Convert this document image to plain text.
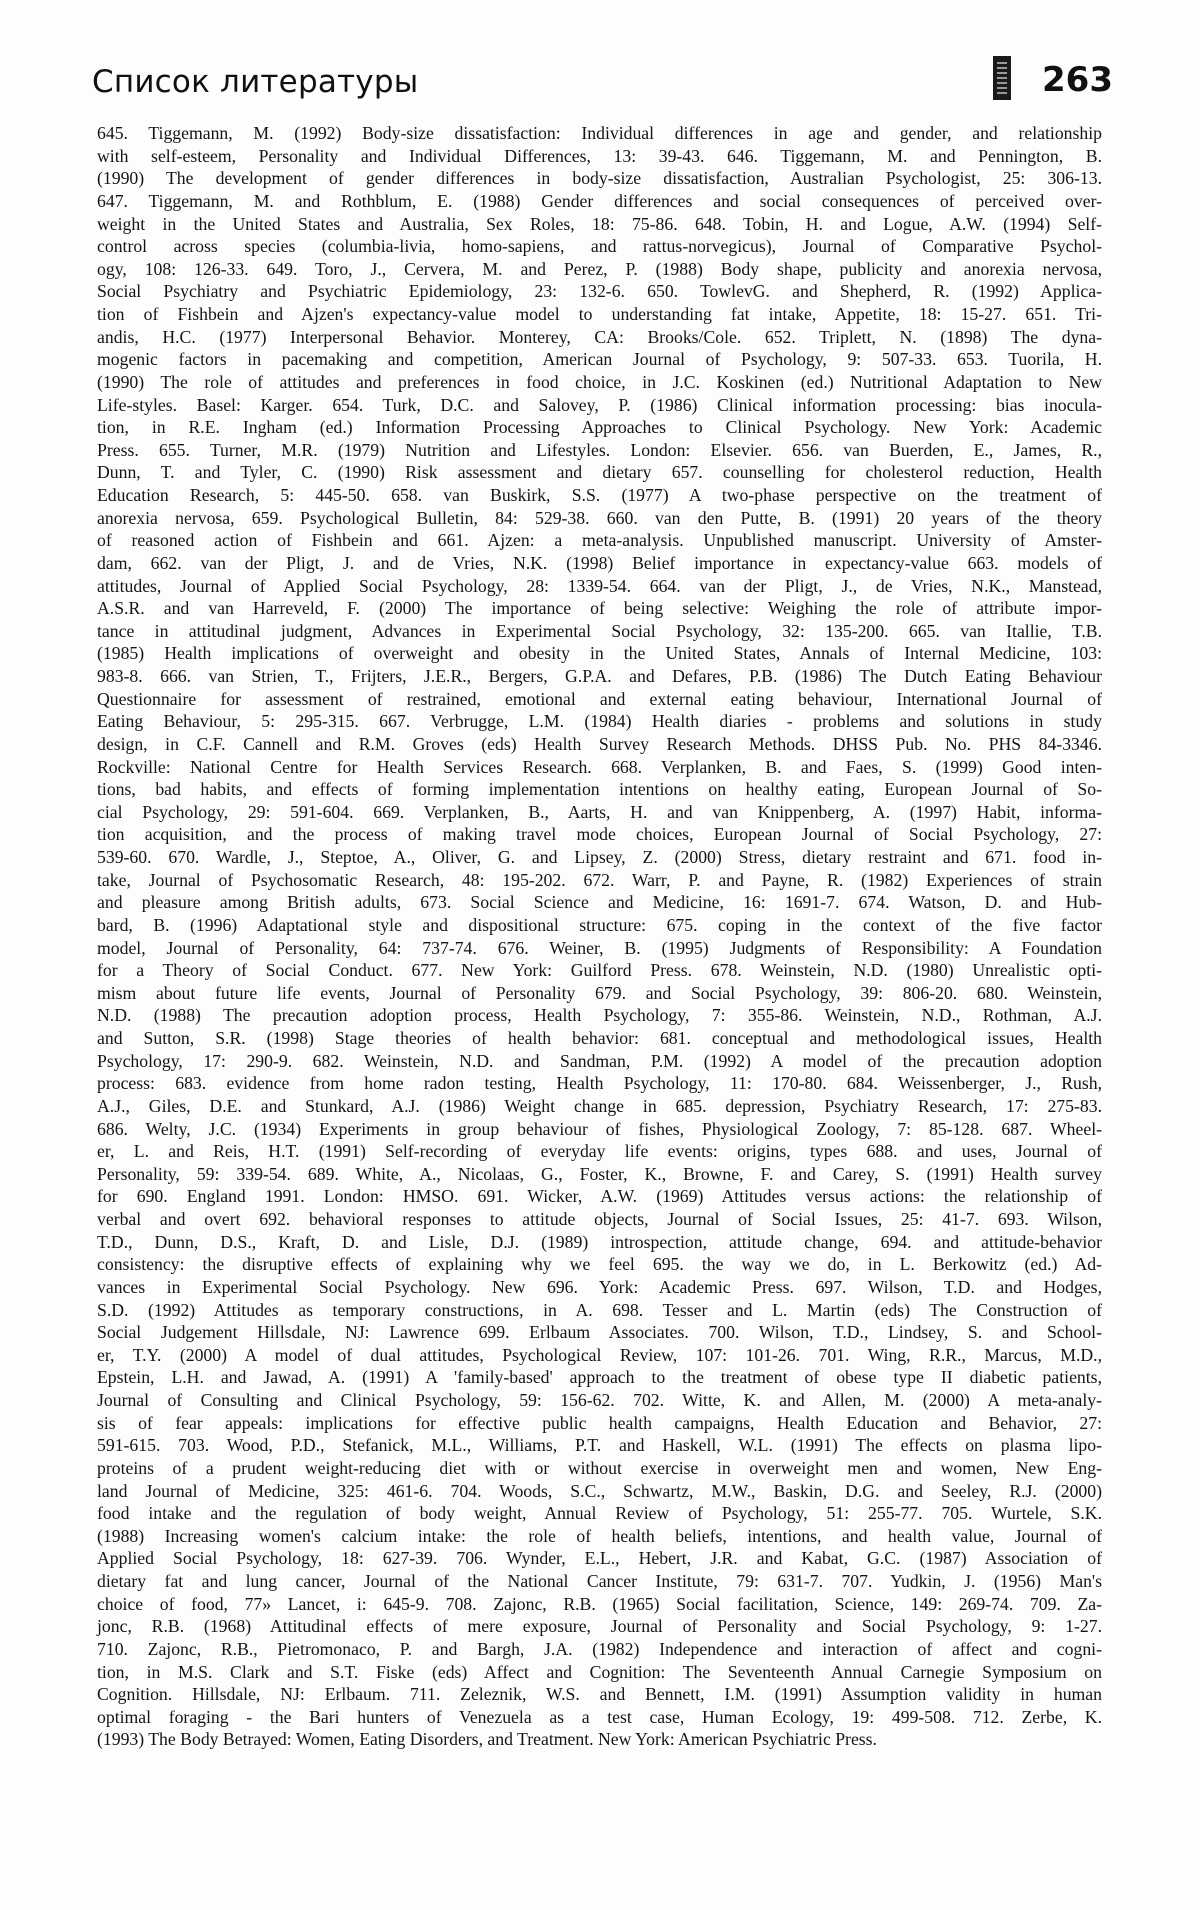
Список литературы	263
645. Tiggemann, M. (1992) Body-size dissatisfaction: Individual differences in age and gender, and relationship
with self-esteem, Personality and Individual Differences, 13: 39-43. 646. Tiggemann, M. and Pennington, B.
(1990) The development of gender differences in body-size dissatisfaction, Australian Psychologist, 25: 306-13.
647. Tiggemann, M. and Rothblum, E. (1988) Gender differences and social consequences of perceived over-
weight in the United States and Australia, Sex Roles, 18: 75-86. 648. Tobin, H. and Logue, A.W. (1994) Self-
control across species (columbia-livia, homo-sapiens, and rattus-norvegicus), Journal of Comparative Psychol-
ogy, 108: 126-33. 649. Toro, J., Cervera, M. and Perez, P. (1988) Body shape, publicity and anorexia nervosa,
Social Psychiatry and Psychiatric Epidemiology, 23: 132-6. 650. TowlevG. and Shepherd, R. (1992) Applica-
tion of Fishbein and Ajzen's expectancy-value model to understanding fat intake, Appetite, 18: 15-27. 651. Tri-
andis, H.C. (1977) Interpersonal Behavior. Monterey, CA: Brooks/Cole. 652. Triplett, N. (1898) The dyna-
mogenic factors in pacemaking and competition, American Journal of Psychology, 9: 507-33. 653. Tuorila, H.
(1990) The role of attitudes and preferences in food choice, in J.C. Koskinen (ed.) Nutritional Adaptation to New
Life-styles. Basel: Karger. 654. Turk, D.C. and Salovey, P. (1986) Clinical information processing: bias inocula-
tion, in R.E. Ingham (ed.) Information Processing Approaches to Clinical Psychology. New York: Academic
Press. 655. Turner, M.R. (1979) Nutrition and Lifestyles. London: Elsevier. 656. van Buerden, E., James, R.,
Dunn, T. and Tyler, C. (1990) Risk assessment and dietary 657. counselling for cholesterol reduction, Health
Education Research, 5: 445-50. 658. van Buskirk, S.S. (1977) A two-phase perspective on the treatment of
anorexia nervosa, 659. Psychological Bulletin, 84: 529-38. 660. van den Putte, B. (1991) 20 years of the theory
of reasoned action of Fishbein and 661. Ajzen: a meta-analysis. Unpublished manuscript. University of Amster-
dam, 662. van der Pligt, J. and de Vries, N.K. (1998) Belief importance in expectancy-value 663. models of
attitudes, Journal of Applied Social Psychology, 28: 1339-54. 664. van der Pligt, J., de Vries, N.K., Manstead,
A.S.R. and van Harreveld, F. (2000) The importance of being selective: Weighing the role of attribute impor-
tance in attitudinal judgment, Advances in Experimental Social Psychology, 32: 135-200. 665. van Itallie, T.B.
(1985) Health implications of overweight and obesity in the United States, Annals of Internal Medicine, 103:
983-8. 666. van Strien, T., Frijters, J.E.R., Bergers, G.P.A. and Defares, P.B. (1986) The Dutch Eating Behaviour
Questionnaire for assessment of restrained, emotional and external eating behaviour, International Journal of
Eating Behaviour, 5: 295-315. 667. Verbrugge, L.M. (1984) Health diaries - problems and solutions in study
design, in C.F. Cannell and R.M. Groves (eds) Health Survey Research Methods. DHSS Pub. No. PHS 84-3346.
Rockville: National Centre for Health Services Research. 668. Verplanken, B. and Faes, S. (1999) Good inten-
tions, bad habits, and effects of forming implementation intentions on healthy eating, European Journal of So-
cial Psychology, 29: 591-604. 669. Verplanken, B., Aarts, H. and van Knippenberg, A. (1997) Habit, informa-
tion acquisition, and the process of making travel mode choices, European Journal of Social Psychology, 27:
539-60. 670. Wardle, J., Steptoe, A., Oliver, G. and Lipsey, Z. (2000) Stress, dietary restraint and 671. food in-
take, Journal of Psychosomatic Research, 48: 195-202. 672. Warr, P. and Payne, R. (1982) Experiences of strain
and pleasure among British adults, 673. Social Science and Medicine, 16: 1691-7. 674. Watson, D. and Hub-
bard, B. (1996) Adaptational style and dispositional structure: 675. coping in the context of the five factor
model, Journal of Personality, 64: 737-74. 676. Weiner, B. (1995) Judgments of Responsibility: A Foundation
for a Theory of Social Conduct. 677. New York: Guilford Press. 678. Weinstein, N.D. (1980) Unrealistic opti-
mism about future life events, Journal of Personality 679. and Social Psychology, 39: 806-20. 680. Weinstein,
N.D. (1988) The precaution adoption process, Health Psychology, 7: 355-86. Weinstein, N.D., Rothman, A.J.
and Sutton, S.R. (1998) Stage theories of health behavior: 681. conceptual and methodological issues, Health
Psychology, 17: 290-9. 682. Weinstein, N.D. and Sandman, P.M. (1992) A model of the precaution adoption
process: 683. evidence from home radon testing, Health Psychology, 11: 170-80. 684. Weissenberger, J., Rush,
A.J., Giles, D.E. and Stunkard, A.J. (1986) Weight change in 685. depression, Psychiatry Research, 17: 275-83.
686. Welty, J.C. (1934) Experiments in group behaviour of fishes, Physiological Zoology, 7: 85-128. 687. Wheel-
er, L. and Reis, H.T. (1991) Self-recording of everyday life events: origins, types 688. and uses, Journal of
Personality, 59: 339-54. 689. White, A., Nicolaas, G., Foster, K., Browne, F. and Carey, S. (1991) Health survey
for 690. England 1991. London: HMSO. 691. Wicker, A.W. (1969) Attitudes versus actions: the relationship of
verbal and overt 692. behavioral responses to attitude objects, Journal of Social Issues, 25: 41-7. 693. Wilson,
T.D., Dunn, D.S., Kraft, D. and Lisle, D.J. (1989) introspection, attitude change, 694. and attitude-behavior
consistency: the disruptive effects of explaining why we feel 695. the way we do, in L. Berkowitz (ed.) Ad-
vances in Experimental Social Psychology. New 696. York: Academic Press. 697. Wilson, T.D. and Hodges,
S.D. (1992) Attitudes as temporary constructions, in A. 698. Tesser and L. Martin (eds) The Construction of
Social Judgement Hillsdale, NJ: Lawrence 699. Erlbaum Associates. 700. Wilson, T.D., Lindsey, S. and School-
er, T.Y. (2000) A model of dual attitudes, Psychological Review, 107: 101-26. 701. Wing, R.R., Marcus, M.D.,
Epstein, L.H. and Jawad, A. (1991) A 'family-based' approach to the treatment of obese type II diabetic patients,
Journal of Consulting and Clinical Psychology, 59: 156-62. 702. Witte, K. and Allen, M. (2000) A meta-analy-
sis of fear appeals: implications for effective public health campaigns, Health Education and Behavior, 27:
591-615. 703. Wood, P.D., Stefanick, M.L., Williams, P.T. and Haskell, W.L. (1991) The effects on plasma lipo-
proteins of a prudent weight-reducing diet with or without exercise in overweight men and women, New Eng-
land Journal of Medicine, 325: 461-6. 704. Woods, S.C., Schwartz, M.W., Baskin, D.G. and Seeley, R.J. (2000)
food intake and the regulation of body weight, Annual Review of Psychology, 51: 255-77. 705. Wurtele, S.K.
(1988) Increasing women's calcium intake: the role of health beliefs, intentions, and health value, Journal of
Applied Social Psychology, 18: 627-39. 706. Wynder, E.L., Hebert, J.R. and Kabat, G.C. (1987) Association of
dietary fat and lung cancer, Journal of the National Cancer Institute, 79: 631-7. 707. Yudkin, J. (1956) Man's
choice of food, 77» Lancet, i: 645-9. 708. Zajonc, R.B. (1965) Social facilitation, Science, 149: 269-74. 709. Za-
jonc, R.B. (1968) Attitudinal effects of mere exposure, Journal of Personality and Social Psychology, 9: 1-27.
710. Zajonc, R.B., Pietromonaco, P. and Bargh, J.A. (1982) Independence and interaction of affect and cogni-
tion, in M.S. Clark and S.T. Fiske (eds) Affect and Cognition: The Seventeenth Annual Carnegie Symposium on
Cognition. Hillsdale, NJ: Erlbaum. 711. Zeleznik, W.S. and Bennett, I.M. (1991) Assumption validity in human
optimal foraging - the Bari hunters of Venezuela as a test case, Human Ecology, 19: 499-508. 712. Zerbe, K.
(1993) The Body Betrayed: Women, Eating Disorders, and Treatment. New York: American Psychiatric Press.
